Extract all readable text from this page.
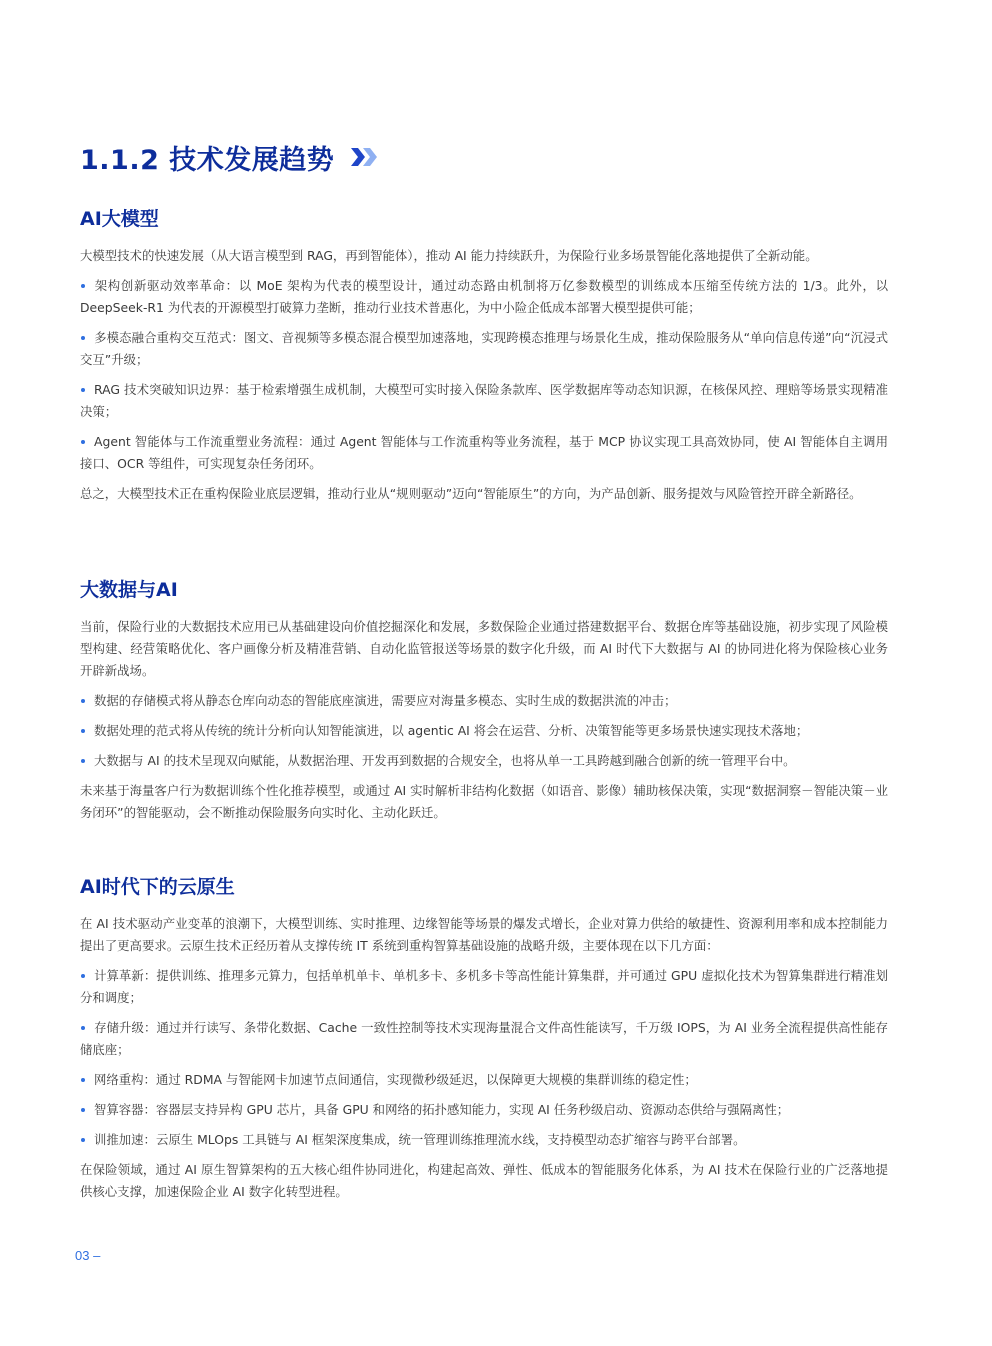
1.1.2 技术发展趋势
AI大模型

大模型技术的快速发展（从大语言模型到 RAG，再到智能体），推动 AI 能力持续跃升，为保险行业多场景智能化落地提供了全新动能。

架构创新驱动效率革命：以 MoE 架构为代表的模型设计，通过动态路由机制将万亿参数模型的训练成本压缩至传统方法的 1/3。此外，以 DeepSeek-R1 为代表的开源模型打破算力垄断，推动行业技术普惠化，为中小险企低成本部署大模型提供可能；
多模态融合重构交互范式：图文、音视频等多模态混合模型加速落地，实现跨模态推理与场景化生成，推动保险服务从“单向信息传递”向“沉浸式交互”升级；
RAG 技术突破知识边界：基于检索增强生成机制，大模型可实时接入保险条款库、医学数据库等动态知识源，在核保风控、理赔等场景实现精准决策；
Agent 智能体与工作流重塑业务流程：通过 Agent 智能体与工作流重构等业务流程，基于 MCP 协议实现工具高效协同，使 AI 智能体自主调用接口、OCR 等组件，可实现复杂任务闭环。

总之，大模型技术正在重构保险业底层逻辑，推动行业从“规则驱动”迈向“智能原生”的方向，为产品创新、服务提效与风险管控开辟全新路径。

大数据与AI

当前，保险行业的大数据技术应用已从基础建设向价值挖掘深化和发展，多数保险企业通过搭建数据平台、数据仓库等基础设施，初步实现了风险模型构建、经营策略优化、客户画像分析及精准营销、自动化监管报送等场景的数字化升级，而 AI 时代下大数据与 AI 的协同进化将为保险核心业务开辟新战场。

数据的存储模式将从静态仓库向动态的智能底座演进，需要应对海量多模态、实时生成的数据洪流的冲击；
数据处理的范式将从传统的统计分析向认知智能演进，以 agentic AI 将会在运营、分析、决策智能等更多场景快速实现技术落地；
大数据与 AI 的技术呈现双向赋能，从数据治理、开发再到数据的合规安全，也将从单一工具跨越到融合创新的统一管理平台中。

未来基于海量客户行为数据训练个性化推荐模型，或通过 AI 实时解析非结构化数据（如语音、影像）辅助核保决策，实现“数据洞察－智能决策－业务闭环”的智能驱动，会不断推动保险服务向实时化、主动化跃迁。

AI时代下的云原生

在 AI 技术驱动产业变革的浪潮下，大模型训练、实时推理、边缘智能等场景的爆发式增长，企业对算力供给的敏捷性、资源利用率和成本控制能力提出了更高要求。云原生技术正经历着从支撑传统 IT 系统到重构智算基础设施的战略升级，主要体现在以下几方面：

计算革新：提供训练、推理多元算力，包括单机单卡、单机多卡、多机多卡等高性能计算集群，并可通过 GPU 虚拟化技术为智算集群进行精准划分和调度；
存储升级：通过并行读写、条带化数据、Cache 一致性控制等技术实现海量混合文件高性能读写，千万级 IOPS，为 AI 业务全流程提供高性能存储底座；
网络重构：通过 RDMA 与智能网卡加速节点间通信，实现微秒级延迟，以保障更大规模的集群训练的稳定性；
智算容器：容器层支持异构 GPU 芯片，具备 GPU 和网络的拓扑感知能力，实现 AI 任务秒级启动、资源动态供给与强隔离性；
训推加速：云原生 MLOps 工具链与 AI 框架深度集成，统一管理训练推理流水线，支持模型动态扩缩容与跨平台部署。

在保险领域，通过 AI 原生智算架构的五大核心组件协同进化，构建起高效、弹性、低成本的智能服务化体系，为 AI 技术在保险行业的广泛落地提供核心支撑，加速保险企业 AI 数字化转型进程。

03 –
